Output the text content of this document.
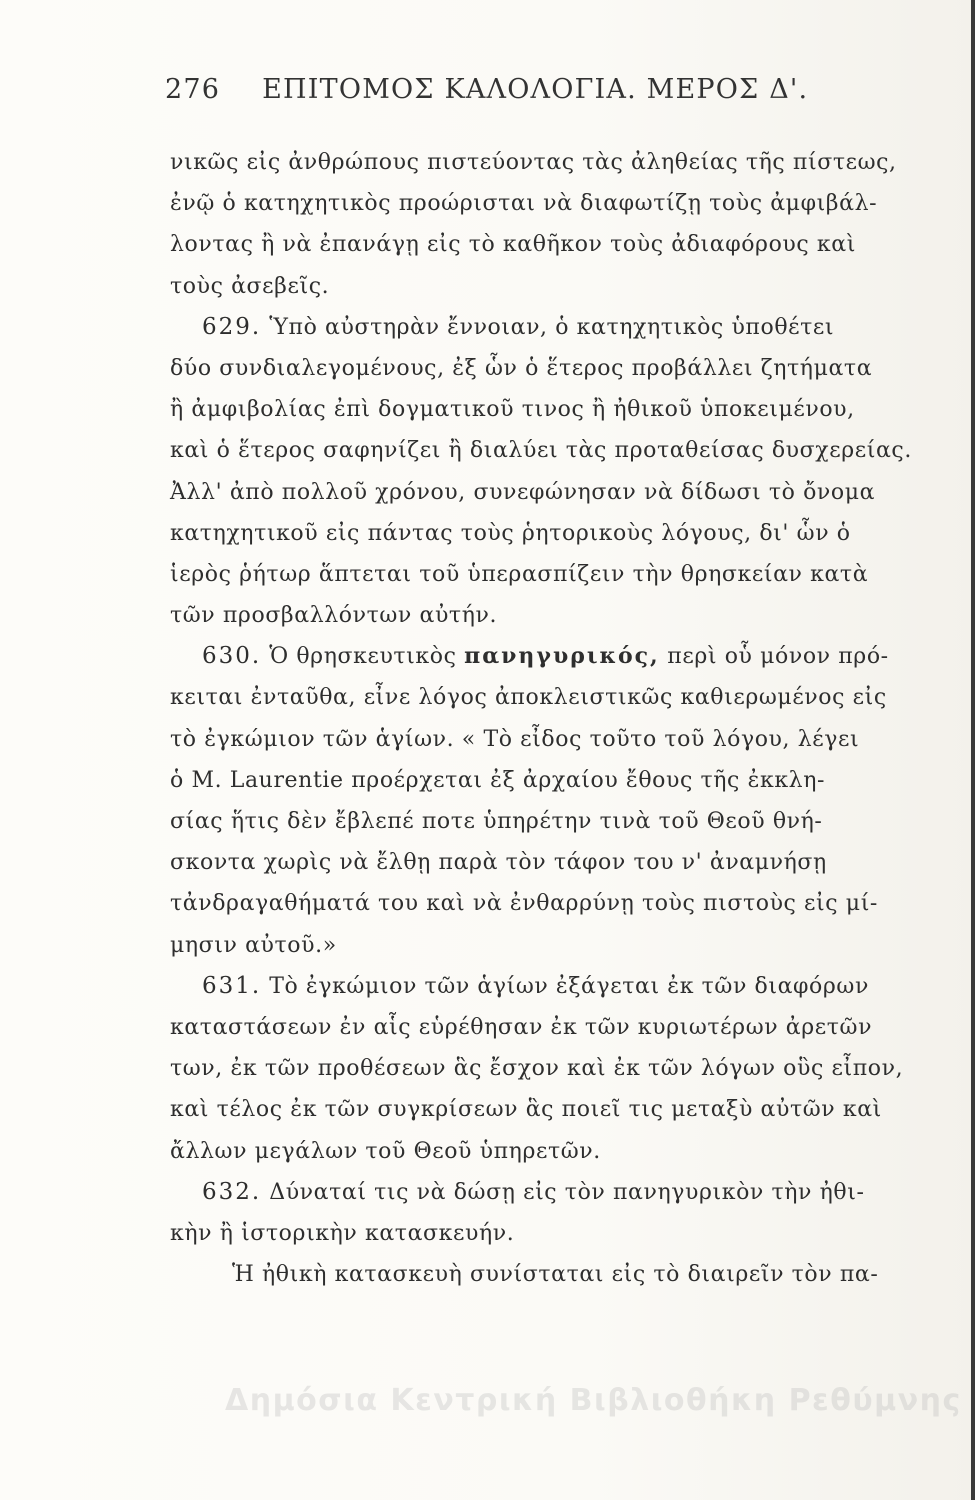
276 ΕΠΙΤΟΜΟΣ ΚΑΛΟΛΟΓΙΑ. ΜΕΡΟΣ Δ'.
νικῶς εἰς ἀνθρώπους πιστεύοντας τὰς ἀληθείας τῆς πίστεως,
ἐνῷ ὁ κατηχητικὸς προώρισται νὰ διαφωτίζῃ τοὺς ἀμφιβάλ-
λοντας ἢ νὰ ἐπανάγῃ εἰς τὸ καθῆκον τοὺς ἀδιαφόρους καὶ
τοὺς ἀσεβεῖς.
629. Ὑπὸ αὐστηρὰν ἔννοιαν, ὁ κατηχητικὸς ὑποθέτει
δύο συνδιαλεγομένους, ἐξ ὧν ὁ ἕτερος προβάλλει ζητήματα
ἢ ἀμφιβολίας ἐπὶ δογματικοῦ τινος ἢ ἠθικοῦ ὑποκειμένου,
καὶ ὁ ἕτερος σαφηνίζει ἢ διαλύει τὰς προταθείσας δυσχερείας.
Ἀλλ' ἀπὸ πολλοῦ χρόνου, συνεφώνησαν νὰ δίδωσι τὸ ὄνομα
κατηχητικοῦ εἰς πάντας τοὺς ῥητορικοὺς λόγους, δι' ὧν ὁ
ἱερὸς ῥήτωρ ἅπτεται τοῦ ὑπερασπίζειν τὴν θρησκείαν κατὰ
τῶν προσβαλλόντων αὐτήν.
630. Ὁ θρησκευτικὸς πανηγυρικός, περὶ οὗ μόνον πρό-
κειται ἐνταῦθα, εἶνε λόγος ἀποκλειστικῶς καθιερωμένος εἰς
τὸ ἐγκώμιον τῶν ἁγίων. « Τὸ εἶδος τοῦτο τοῦ λόγου, λέγει
ὁ Μ. Laurentie προέρχεται ἐξ ἀρχαίου ἔθους τῆς ἐκκλη-
σίας ἥτις δὲν ἔβλεπέ ποτε ὑπηρέτην τινὰ τοῦ Θεοῦ θνή-
σκοντα χωρὶς νὰ ἔλθῃ παρὰ τὸν τάφον του ν' ἀναμνήσῃ
τἀνδραγαθήματά του καὶ νὰ ἐνθαρρύνῃ τοὺς πιστοὺς εἰς μί-
μησιν αὐτοῦ.»
631. Τὸ ἐγκώμιον τῶν ἁγίων ἐξάγεται ἐκ τῶν διαφόρων
καταστάσεων ἐν αἷς εὑρέθησαν ἐκ τῶν κυριωτέρων ἀρετῶν
των, ἐκ τῶν προθέσεων ἃς ἔσχον καὶ ἐκ τῶν λόγων οὓς εἶπον,
καὶ τέλος ἐκ τῶν συγκρίσεων ἃς ποιεῖ τις μεταξὺ αὐτῶν καὶ
ἄλλων μεγάλων τοῦ Θεοῦ ὑπηρετῶν.
632. Δύναταί τις νὰ δώσῃ εἰς τὸν πανηγυρικὸν τὴν ἠθι-
κὴν ἢ ἱστορικὴν κατασκευήν.
Ἡ ἠθικὴ κατασκευὴ συνίσταται εἰς τὸ διαιρεῖν τὸν πα-
Δημόσια Κεντρική Βιβλιοθήκη Ρεθύμνης
